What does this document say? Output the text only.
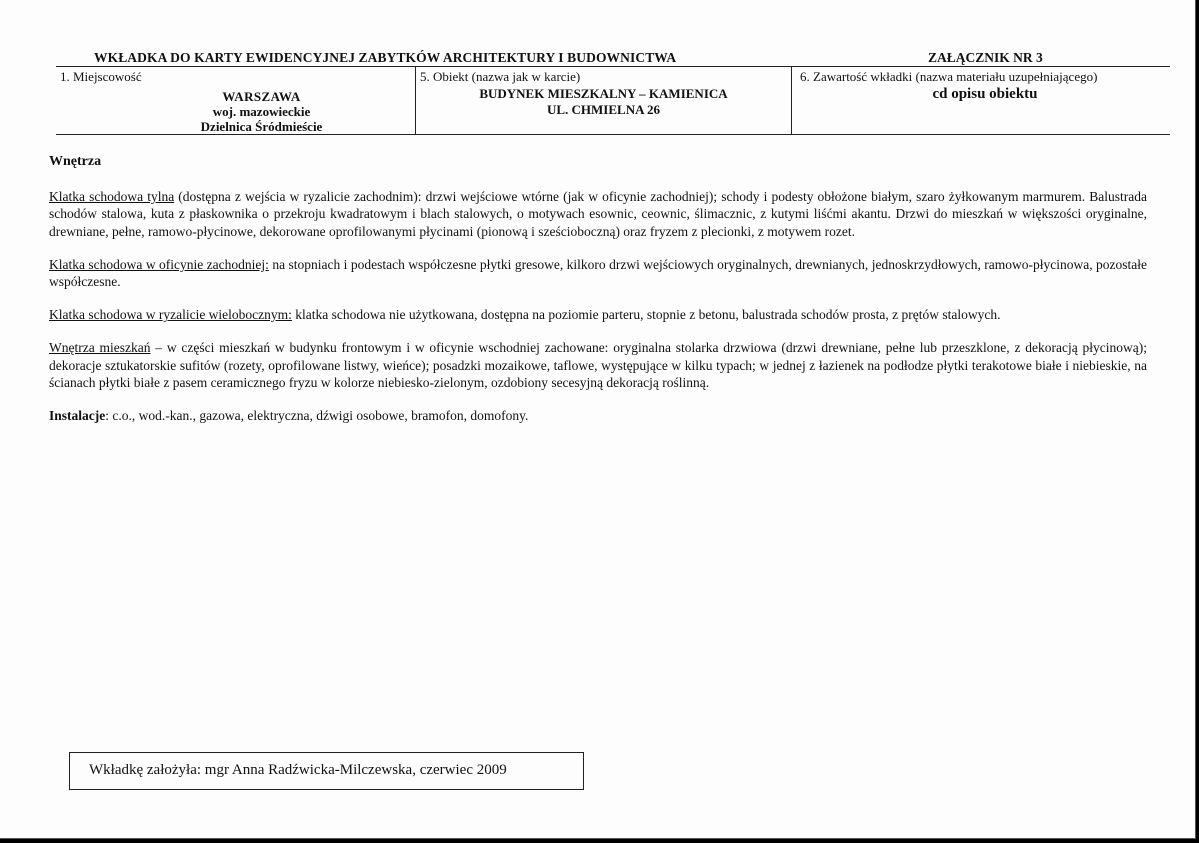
WKŁADKA DO KARTY EWIDENCYJNEJ ZABYTKÓW ARCHITEKTURY I BUDOWNICTWA	ZAŁĄCZNIK NR 3
1. Miejscowość
WARSZAWA
woj. mazowieckie
Dzielnica Śródmieście
5. Obiekt (nazwa jak w karcie)
BUDYNEK MIESZKALNY – KAMIENICA
UL. CHMIELNA 26
6. Zawartość wkładki (nazwa materiału uzupełniającego)
cd opisu obiektu

Wnętrza

Klatka schodowa tylna (dostępna z wejścia w ryzalicie zachodnim): drzwi wejściowe wtórne (jak w oficynie zachodniej); schody i podesty obłożone białym, szaro żyłkowanym marmurem. Balustrada schodów stalowa, kuta z płaskownika o przekroju kwadratowym i blach stalowych, o motywach esownic, ceownic, ślimacznic, z kutymi liśćmi akantu. Drzwi do mieszkań w większości oryginalne, drewniane, pełne, ramowo-płycinowe, dekorowane oprofilowanymi płycinami (pionową i sześcioboczną) oraz fryzem z plecionki, z motywem rozet.

Klatka schodowa w oficynie zachodniej: na stopniach i podestach współczesne płytki gresowe, kilkoro drzwi wejściowych oryginalnych, drewnianych, jednoskrzydłowych, ramowo-płycinowa, pozostałe współczesne.

Klatka schodowa w ryzalicie wielobocznym: klatka schodowa nie użytkowana, dostępna na poziomie parteru, stopnie z betonu, balustrada schodów prosta, z prętów stalowych.

Wnętrza mieszkań – w części mieszkań w budynku frontowym i w oficynie wschodniej zachowane: oryginalna stolarka drzwiowa (drzwi drewniane, pełne lub przeszklone, z dekoracją płycinową); dekoracje sztukatorskie sufitów (rozety, oprofilowane listwy, wieńce); posadzki mozaikowe, taflowe, występujące w kilku typach; w jednej z łazienek na podłodze płytki terakotowe białe i niebieskie, na ścianach płytki białe z pasem ceramicznego fryzu w kolorze niebiesko-zielonym, ozdobiony secesyjną dekoracją roślinną.

Instalacje: c.o., wod.-kan., gazowa, elektryczna, dźwigi osobowe, bramofon, domofony.

Wkładkę założyła: mgr Anna Radźwicka-Milczewska, czerwiec 2009
